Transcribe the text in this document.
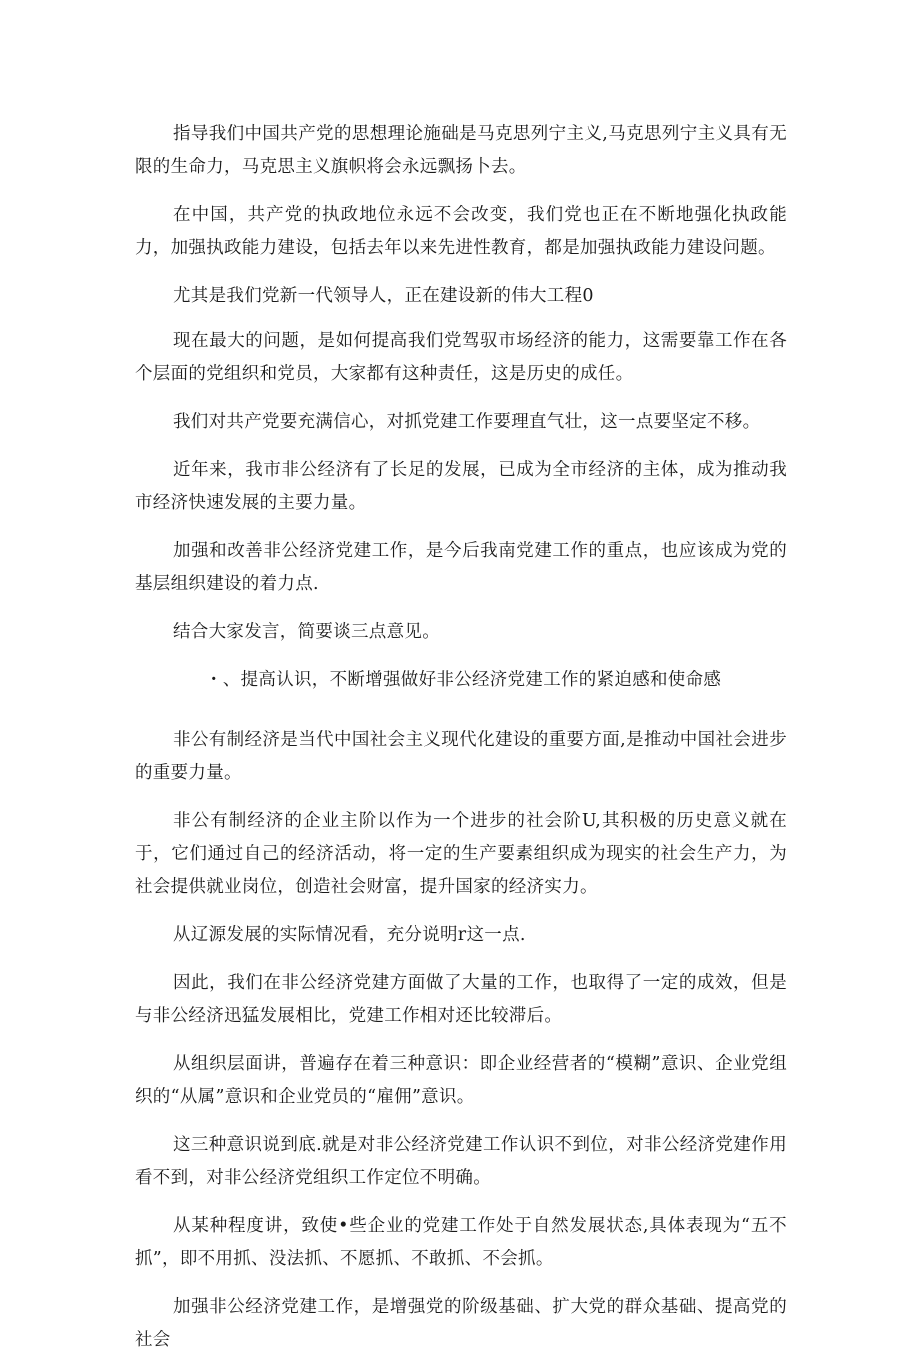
指导我们中国共产党的思想理论施础是马克思列宁主义,马克思列宁主义具有无限的生命力，马克思主义旗帜将会永远飘扬卜去。

在中国，共产党的执政地位永远不会改变，我们党也正在不断地强化执政能力，加强执政能力建设，包括去年以来先进性教育，都是加强执政能力建设问题。

尤其是我们党新一代领导人，正在建设新的伟大工程0

现在最大的问题，是如何提高我们党驾驭市场经济的能力，这需要靠工作在各个层面的党组织和党员，大家都有这种责任，这是历史的成任。

我们对共产党要充满信心，对抓党建工作要理直气壮，这一点要坚定不移。

近年来，我市非公经济有了长足的发展，已成为全市经济的主体，成为推动我市经济快速发展的主要力量。

加强和改善非公经济党建工作，是今后我南党建工作的重点，也应该成为党的基层组织建设的着力点.

结合大家发言，简要谈三点意见。

・、提高认识，不断增强做好非公经济党建工作的紧迫感和使命感

非公有制经济是当代中国社会主义现代化建设的重要方面,是推动中国社会进步的重要力量。

非公有制经济的企业主阶以作为一个进步的社会阶U,其积极的历史意义就在于，它们通过自己的经济活动，将一定的生产要素组织成为现实的社会生产力，为社会提供就业岗位，创造社会财富，提升国家的经济实力。

从辽源发展的实际情况看，充分说明r这一点.

因此，我们在非公经济党建方面做了大量的工作，也取得了一定的成效，但是与非公经济迅猛发展相比，党建工作相对还比较滞后。

从组织层面讲，普遍存在着三种意识：即企业经营者的“模糊”意识、企业党组织的“从属”意识和企业党员的“雇佣”意识。

这三种意识说到底.就是对非公经济党建工作认识不到位，对非公经济党建作用看不到，对非公经济党组织工作定位不明确。

从某种程度讲，致使•些企业的党建工作处于自然发展状态,具体表现为“五不抓”，即不用抓、没法抓、不愿抓、不敢抓、不会抓。

加强非公经济党建工作，是增强党的阶级基础、扩大党的群众基础、提高党的社会
